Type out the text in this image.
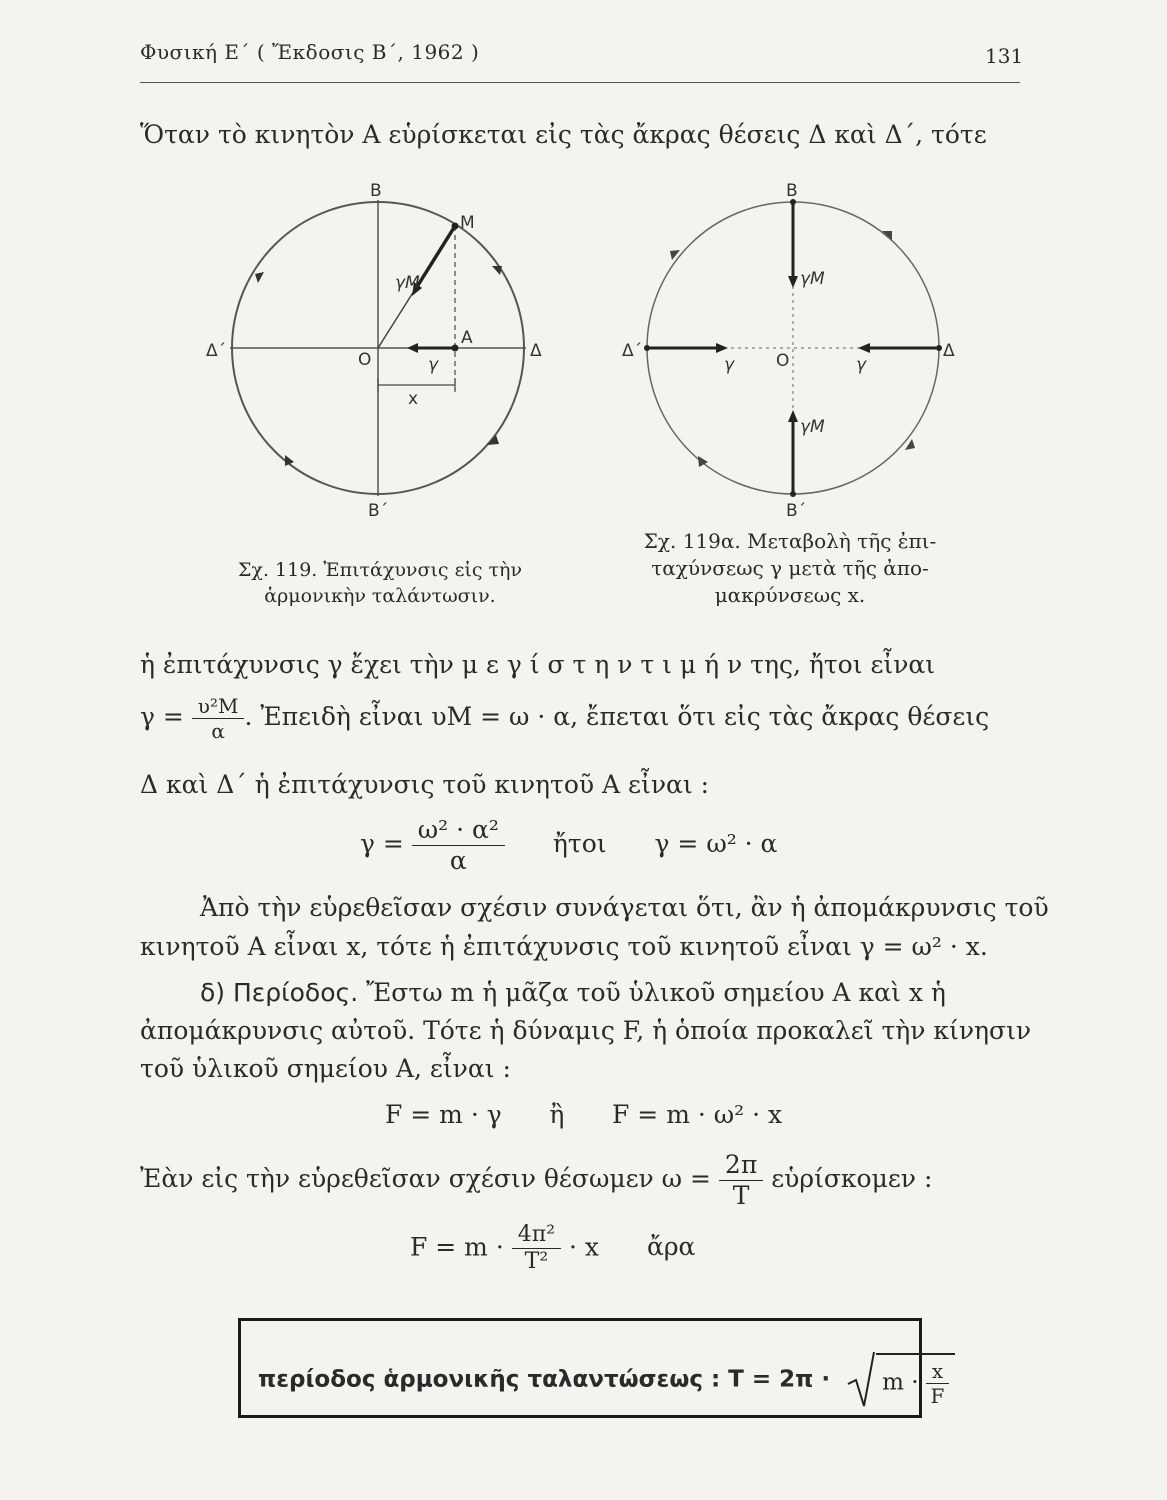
Φυσική Ε΄ ( Ἔκδοσις Β΄, 1962 )	131
Ὅταν τὸ κινητὸν Α εὑρίσκεται εἰς τὰς ἄκρας θέσεις Δ καὶ Δ΄, τότε
Β
Β΄
Δ΄	Δ
Ο
Μ
Α
γΜ
γ
x
Σχ. 119. Ἐπιτάχυνσις εἰς τὴν
ἁρμονικὴν ταλάντωσιν.
Β
Β΄
Δ΄	Δ
Ο
γΜ
γΜ
γ	γ
Σχ. 119α. Μεταβολὴ τῆς ἐπι-
ταχύνσεως γ μετὰ τῆς ἀπο-
μακρύνσεως x.
ἡ ἐπιτάχυνσις γ ἔχει τὴν μ ε γ ί σ τ η ν τ ι μ ή ν της, ἤτοι εἶναι
$\gamma = \frac{\text{υ²Μ}}{\alpha}$ . Ἐπειδὴ εἶναι υΜ = ω · α, ἔπεται ὅτι εἰς τὰς ἄκρας θέσεις
Δ καὶ Δ΄ ἡ ἐπιτάχυνσις τοῦ κινητοῦ Α εἶναι :
$\gamma = \frac{\text{ω² · α²}}{\alpha}$ ἤτοι γ = ω² · α
Ἀπὸ τὴν εὑρεθεῖσαν σχέσιν συνάγεται ὅτι, ἂν ἡ ἀπομάκρυνσις τοῦ
κινητοῦ Α εἶναι x, τότε ἡ ἐπιτάχυνσις τοῦ κινητοῦ εἶναι γ = ω² · x.
δ) Περίοδος. Ἔστω m ἡ μᾶζα τοῦ ὑλικοῦ σημείου Α καὶ x ἡ
ἀπομάκρυνσις αὐτοῦ. Τότε ἡ δύναμις F, ἡ ὁποία προκαλεῖ τὴν κίνησιν
τοῦ ὑλικοῦ σημείου Α, εἶναι :
F = m · γ      ἢ      F = m · ω² · x
Ἐὰν εἰς τὴν εὑρεθεῖσαν σχέσιν θέσωμεν $\omega = \frac{2\pi}{T}$ εὑρίσκομεν :
$F = m \cdot \frac{\text{4π²}}{\text{T²}} \cdot x$ ἄρα
περίοδος ἁρμονικῆς ταλαντώσεως : $T = 2\pi \cdot m \cdot \frac{x}{F}$
